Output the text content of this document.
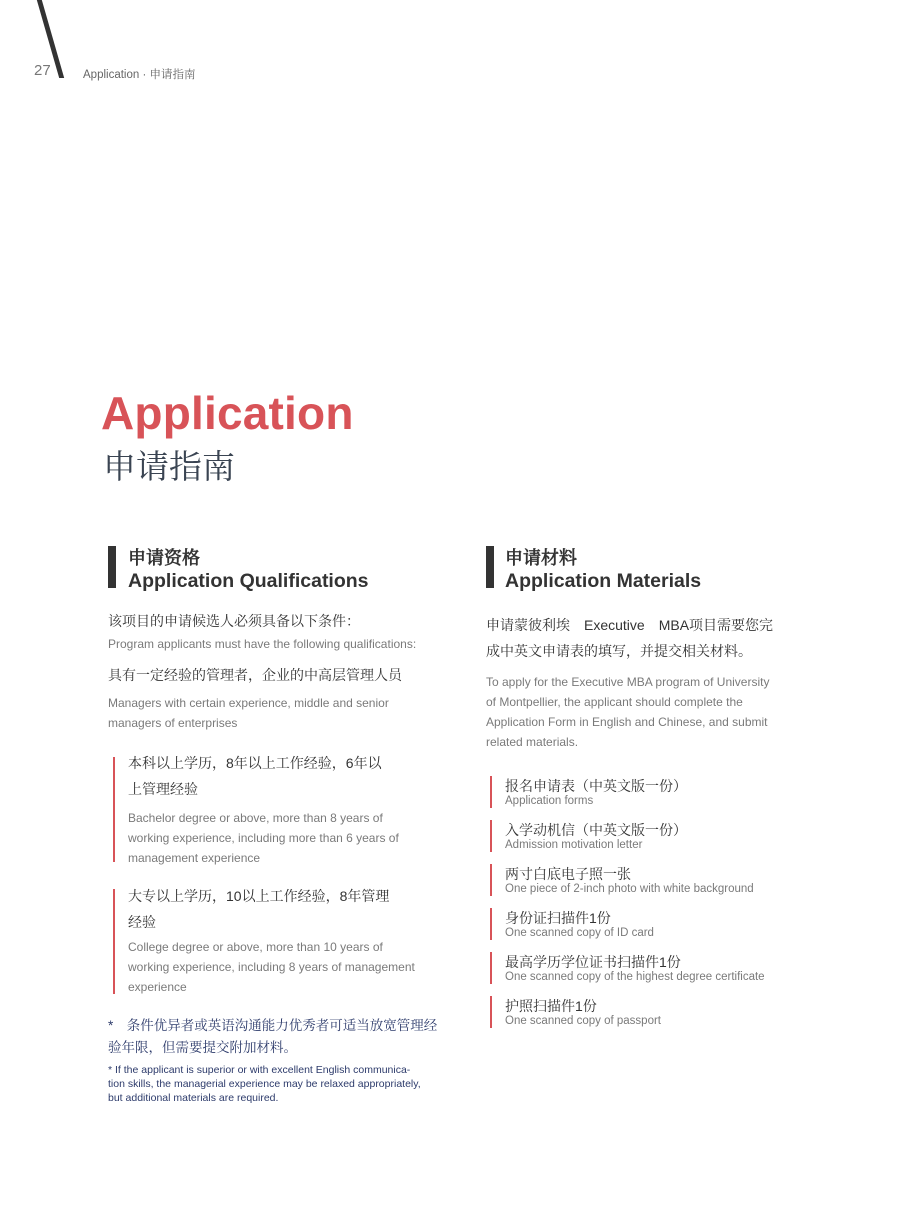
27	Application · 申请指南
Application
申请指南
申请资格
Application Qualifications
该项目的申请候选人必须具备以下条件：
Program applicants must have the following qualifications:
具有一定经验的管理者，企业的中高层管理人员
Managers with certain experience, middle and senior
managers of enterprises
本科以上学历，8年以上工作经验，6年以
上管理经验
Bachelor degree or above, more than 8 years of
working experience, including more than 6 years of
management experience
大专以上学历，10以上工作经验，8年管理
经验
College degree or above, more than 10 years of
working experience, including 8 years of management
experience
*　条件优异者或英语沟通能力优秀者可适当放宽管理经
验年限，但需要提交附加材料。
* If the applicant is superior or with excellent English communica-
tion skills, the managerial experience may be relaxed appropriately,
but additional materials are required.
申请材料
Application Materials
申请蒙彼利埃　Executive　MBA项目需要您完
成中英文申请表的填写，并提交相关材料。
To apply for the Executive MBA program of University
of Montpellier, the applicant should complete the
Application Form in English and Chinese, and submit
related materials.
报名申请表（中英文版一份）
Application forms
入学动机信（中英文版一份）
Admission motivation letter
两寸白底电子照一张
One piece of 2-inch photo with white background
身份证扫描件1份
One scanned copy of ID card
最高学历学位证书扫描件1份
One scanned copy of the highest degree certificate
护照扫描件1份
One scanned copy of passport
